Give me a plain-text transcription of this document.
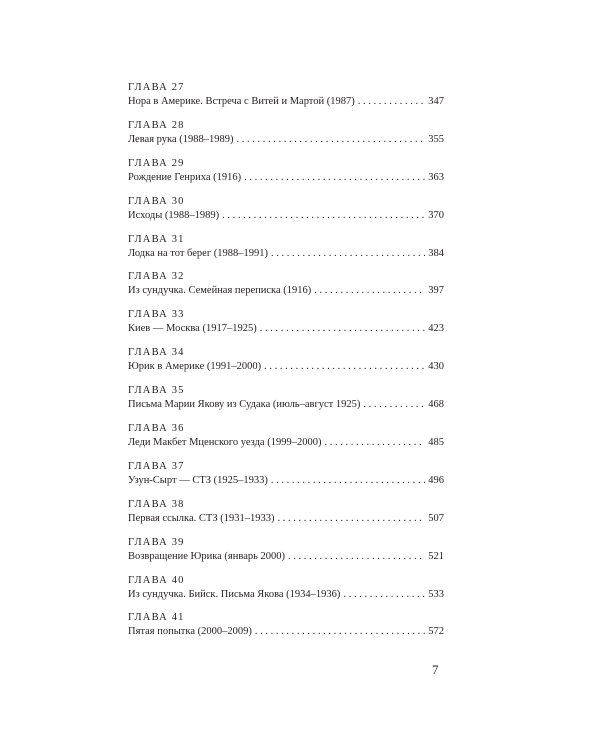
ГЛАВА 27
Нора в Америке. Встреча с Витей и Мартой (1987) . . .	347
ГЛАВА 28
Левая рука (1988–1989) . . .	355
ГЛАВА 29
Рождение Генриха (1916) . . .	363
ГЛАВА 30
Исходы (1988–1989) . . .	370
ГЛАВА 31
Лодка на тот берег (1988–1991) . . .	384
ГЛАВА 32
Из сундучка. Семейная переписка (1916) . . .	397
ГЛАВА 33
Киев — Москва (1917–1925) . . .	423
ГЛАВА 34
Юрик в Америке (1991–2000) . . .	430
ГЛАВА 35
Письма Марии Якову из Судака (июль–август 1925) . . .	468
ГЛАВА 36
Леди Макбет Мценского уезда (1999–2000) . . .	485
ГЛАВА 37
Узун-Сырт — СТЗ (1925–1933) . . .	496
ГЛАВА 38
Первая ссылка. СТЗ (1931–1933) . . .	507
ГЛАВА 39
Возвращение Юрика (январь 2000) . . .	521
ГЛАВА 40
Из сундучка. Бийск. Письма Якова (1934–1936) . . .	533
ГЛАВА 41
Пятая попытка (2000–2009) . . .	572
7
